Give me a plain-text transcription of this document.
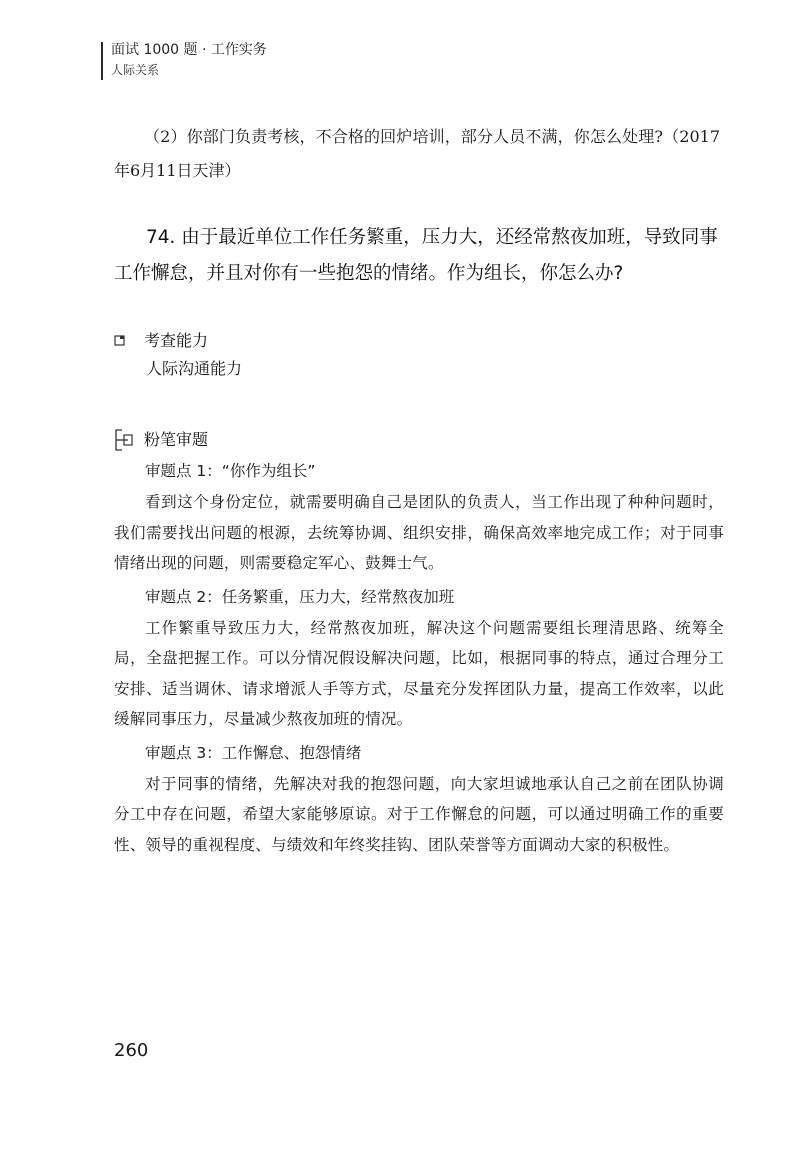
面试 1000 题 · 工作实务
人际关系
（2）你部门负责考核，不合格的回炉培训，部分人员不满，你怎么处理?（2017年6月11日天津）
74. 由于最近单位工作任务繁重，压力大，还经常熬夜加班，导致同事工作懈怠，并且对你有一些抱怨的情绪。作为组长，你怎么办?
考查能力
人际沟通能力
粉笔审题
审题点 1：“你作为组长”
看到这个身份定位，就需要明确自己是团队的负责人，当工作出现了种种问题时，我们需要找出问题的根源，去统筹协调、组织安排，确保高效率地完成工作；对于同事情绪出现的问题，则需要稳定军心、鼓舞士气。
审题点 2：任务繁重，压力大，经常熬夜加班
工作繁重导致压力大，经常熬夜加班，解决这个问题需要组长理清思路、统筹全局，全盘把握工作。可以分情况假设解决问题，比如，根据同事的特点，通过合理分工安排、适当调休、请求增派人手等方式，尽量充分发挥团队力量，提高工作效率，以此缓解同事压力，尽量减少熬夜加班的情况。
审题点 3：工作懈怠、抱怨情绪
对于同事的情绪，先解决对我的抱怨问题，向大家坦诚地承认自己之前在团队协调分工中存在问题，希望大家能够原谅。对于工作懈怠的问题，可以通过明确工作的重要性、领导的重视程度、与绩效和年终奖挂钩、团队荣誉等方面调动大家的积极性。
260
